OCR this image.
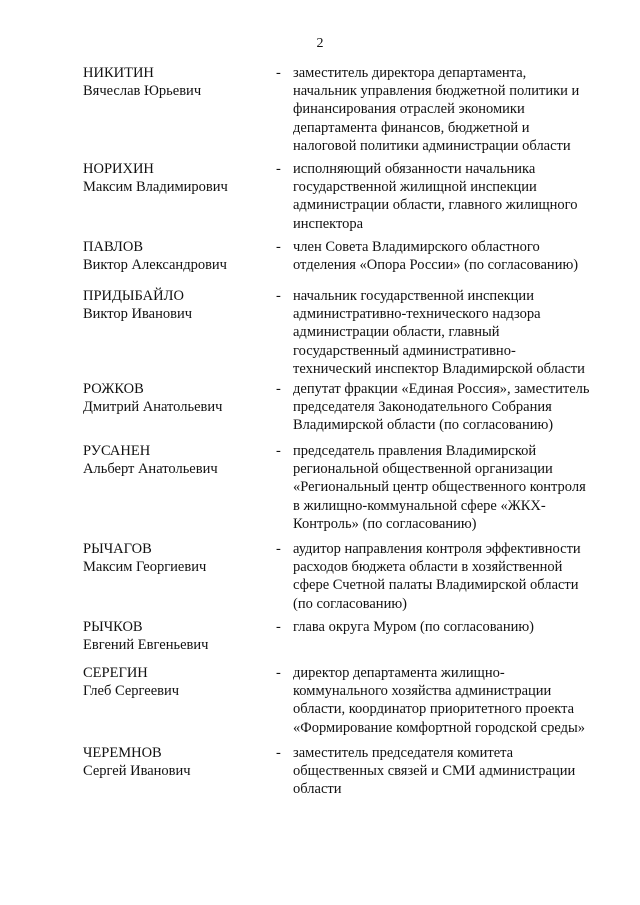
2
НИКИТИН
Вячеслав Юрьевич
- заместитель директора департамента,
начальник управления бюджетной политики и
финансирования отраслей экономики
департамента финансов, бюджетной и
налоговой политики администрации области
НОРИХИН
Максим Владимирович
- исполняющий обязанности начальника
государственной жилищной инспекции
администрации области, главного жилищного
инспектора
ПАВЛОВ
Виктор Александрович
- член Совета Владимирского областного
отделения «Опора России» (по согласованию)
ПРИДЫБАЙЛО
Виктор Иванович
- начальник государственной инспекции
административно-технического надзора
администрации области, главный
государственный административно-
технический инспектор Владимирской области
РОЖКОВ
Дмитрий Анатольевич
- депутат фракции «Единая Россия», заместитель
председателя Законодательного Собрания
Владимирской области (по согласованию)
РУСАНЕН
Альберт Анатольевич
- председатель правления Владимирской
региональной общественной организации
«Региональный центр общественного контроля
в жилищно-коммунальной сфере «ЖКХ-
Контроль» (по согласованию)
РЫЧАГОВ
Максим Георгиевич
- аудитор направления контроля эффективности
расходов бюджета области в хозяйственной
сфере Счетной палаты Владимирской области
(по согласованию)
РЫЧКОВ
Евгений Евгеньевич
- глава округа Муром (по согласованию)
СЕРЕГИН
Глеб Сергеевич
- директор департамента жилищно-
коммунального хозяйства администрации
области, координатор приоритетного проекта
«Формирование комфортной городской среды»
ЧЕРЕМНОВ
Сергей Иванович
- заместитель председателя комитета
общественных связей и СМИ администрации
области
